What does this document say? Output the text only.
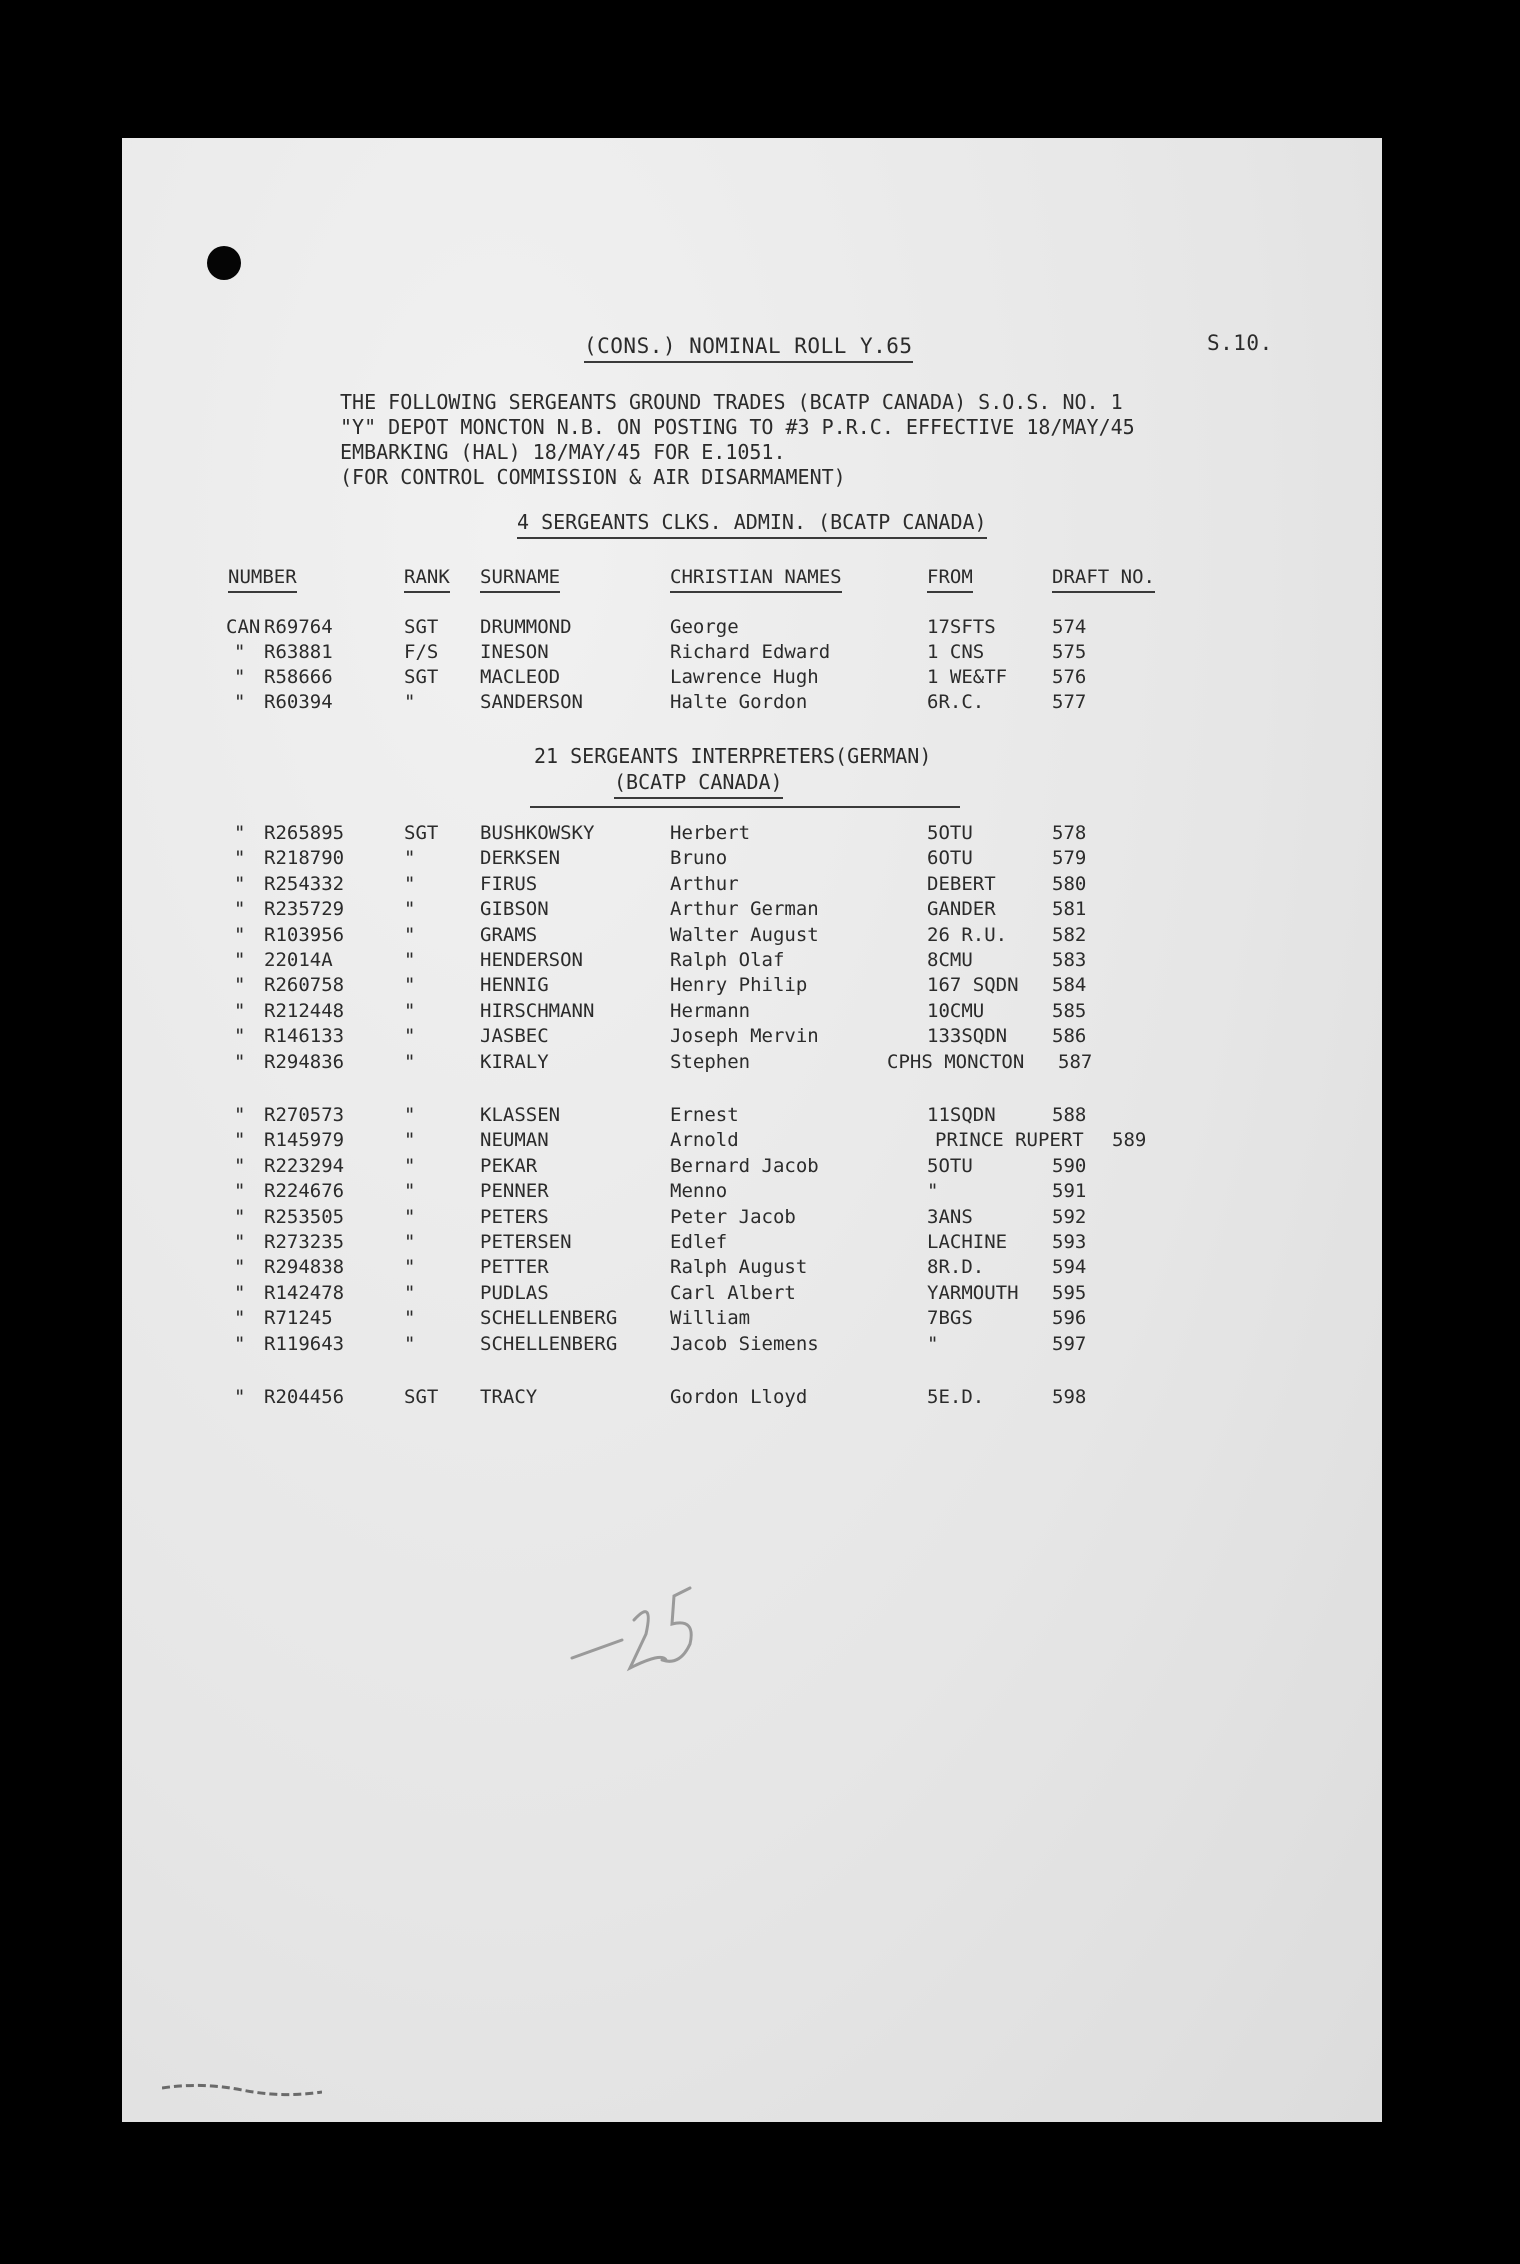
(CONS.) NOMINAL ROLL Y.65	S.10.
THE FOLLOWING SERGEANTS GROUND TRADES (BCATP CANADA) S.O.S. NO. 1
"Y" DEPOT MONCTON N.B. ON POSTING TO #3 P.R.C. EFFECTIVE 18/MAY/45
EMBARKING (HAL) 18/MAY/45 FOR E.1051.
(FOR CONTROL COMMISSION & AIR DISARMAMENT)
4 SERGEANTS CLKS. ADMIN. (BCATP CANADA)
NUMBER	RANK SURNAME	CHRISTIAN NAMES	FROM	DRAFT NO.
CAN R69764	SGT DRUMMOND	George	17SFTS	574
" R63881	F/S INESON	Richard Edward	1 CNS	575
" R58666	SGT MACLEOD	Lawrence Hugh	1 WE&TF 576
" R60394	"	SANDERSON	Halte Gordon	6R.C.	577
21 SERGEANTS INTERPRETERS(GERMAN)
(BCATP CANADA)
" R265895	SGT BUSHKOWSKY	Herbert	5OTU	578
" R218790	"	DERKSEN	Bruno	6OTU	579
" R254332	"	FIRUS	Arthur	DEBERT	580
" R235729	"	GIBSON	Arthur German	GANDER	581
" R103956	"	GRAMS	Walter August	26 R.U. 582
" 22014A	"	HENDERSON	Ralph Olaf	8CMU	583
" R260758	"	HENNIG	Henry Philip	167 SQDN 584
" R212448	"	HIRSCHMANN	Hermann	10CMU	585
" R146133	"	JASBEC	Joseph Mervin	133SQDN 586
" R294836	"	KIRALY	Stephen	CPHS MONCTON 587
" R270573	"	KLASSEN	Ernest	11SQDN	588
" R145979	"	NEUMAN	Arnold	PRINCE RUPERT 589
" R223294	"	PEKAR	Bernard Jacob	5OTU	590
" R224676	"	PENNER	Menno	"	591
" R253505	"	PETERS	Peter Jacob	3ANS	592
" R273235	"	PETERSEN	Edlef	LACHINE 593
" R294838	"	PETTER	Ralph August	8R.D.	594
" R142478	"	PUDLAS	Carl Albert	YARMOUTH 595
" R71245	"	SCHELLENBERG	William	7BGS	596
" R119643	"	SCHELLENBERG	Jacob Siemens	"	597
" R204456	SGT TRACY	Gordon Lloyd	5E.D.	598
-25
